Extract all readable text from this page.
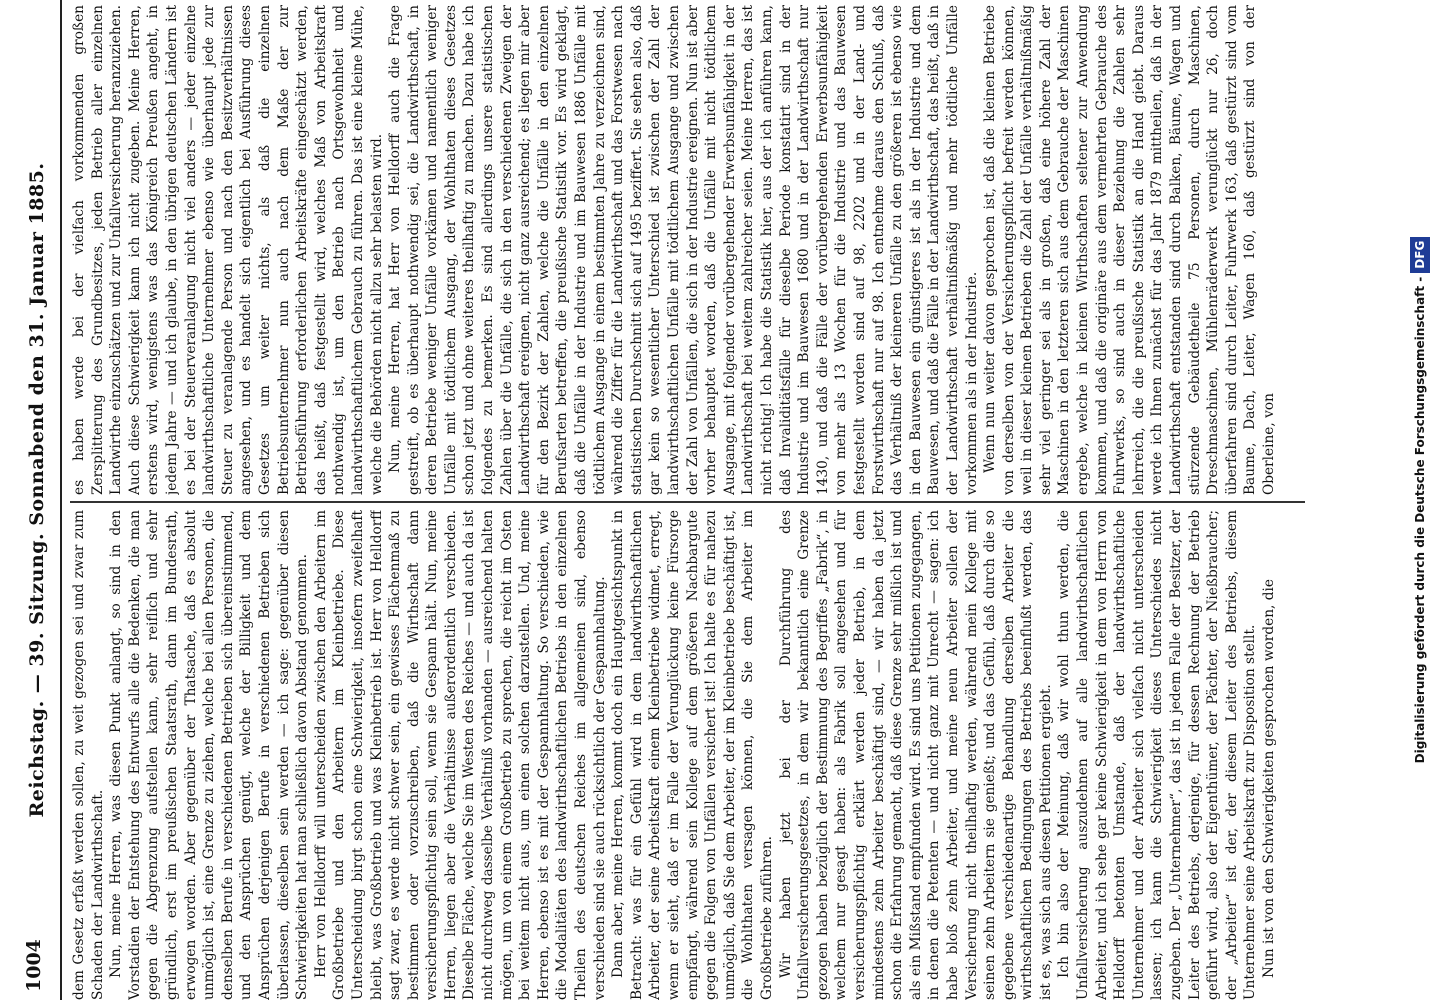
1004
Reichstag. — 39. Sitzung. Sonnabend den 31. Januar 1885.	dem Gesetz erfaßt werden sollen, zu weit gezogen sei und zwar zum Schaden der Landwirthschaft. Nun, meine Herren, was diesen Punkt anlangt, so sind in den Vorstadien der Entstehung des Entwurfs alle die Bedenken, die man gegen die Abgrenzung aufstellen kann, sehr reiflich und sehr gründlich, erst im preußischen Staatsrath, dann im Bundesrath, erwogen worden. Aber gegenüber der Thatsache, daß es absolut unmöglich ist, eine Grenze zu ziehen, welche bei allen Personen, die denselben Berufe in verschiedenen Betrieben sich übereinstimmend, und den Ansprüchen genügt, welche der Billigkeit und dem Ansprüchen derjenigen Berufe in verschiedenen Betrieben sich überlassen, dieselben sein werden — ich sage: gegenüber diesen Schwierigkeiten hat man schließlich davon Abstand genommen. Herr von Helldorff will unterscheiden zwischen den Arbeitern im Großbetriebe und den Arbeitern im Kleinbetriebe. Diese Unterscheidung birgt schon eine Schwierigkeit, insofern zweifelhaft bleibt, was Großbetrieb und was Kleinbetrieb ist. Herr von Helldorff sagt zwar, es werde nicht schwer sein, ein gewisses Flächenmaß zu bestimmen oder vorzuschreiben, daß die Wirthschaft dann versicherungspflichtig sein soll, wenn sie Gespann hält. Nun, meine Herren, liegen aber die Verhältnisse außerordentlich verschieden. Dieselbe Fläche, welche Sie im Westen des Reiches — und auch da ist nicht durchweg dasselbe Verhältniß vorhanden — ausreichend halten mögen, um von einem Großbetrieb zu sprechen, die reicht im Osten bei weitem nicht aus, um einen solchen darzustellen. Und, meine Herren, ebenso ist es mit der Gespannhaltung. So verschieden, wie die Modalitäten des landwirthschaftlichen Betriebs in den einzelnen Theilen des deutschen Reiches im allgemeinen sind, ebenso verschieden sind sie auch rücksichtlich der Gespannhaltung. Dann aber, meine Herren, kommt doch ein Hauptgesichtspunkt in Betracht: was für ein Gefühl wird in dem landwirthschaftlichen Arbeiter, der seine Arbeitskraft einem Kleinbetriebe widmet, erregt, wenn er sieht, daß er im Falle der Verunglückung keine Fürsorge empfängt, während sein Kollege auf dem größeren Nachbargute gegen die Folgen von Unfällen versichert ist! Ich halte es für nahezu unmöglich, daß Sie dem Arbeiter, der im Kleinbetriebe beschäftigt ist, die Wohlthaten versagen können, die Sie dem Arbeiter im Großbetriebe zuführen. Wir haben jetzt bei der Durchführung des Unfallversicherungsgesetzes, in dem wir bekanntlich eine Grenze gezogen haben bezüglich der Bestimmung des Begriffes „Fabrik“, in welchem nur gesagt haben: als Fabrik soll angesehen und für versicherungspflichtig erklärt werden jeder Betrieb, in dem mindestens zehn Arbeiter beschäftigt sind, — wir haben da jetzt schon die Erfahrung gemacht, daß diese Grenze sehr mißlich ist und als ein Mißstand empfunden wird. Es sind uns Petitionen zugegangen, in denen die Petenten — und nicht ganz mit Unrecht — sagen: ich habe bloß zehn Arbeiter, und meine neun Arbeiter sollen der Versicherung nicht theilhaftig werden, während mein Kollege mit seinen zehn Arbeitern sie genießt; und das Gefühl, daß durch die so gegebene verschiedenartige Behandlung derselben Arbeiter die wirthschaftlichen Bedingungen des Betriebs beeinflußt werden, das ist es, was sich aus diesen Petitionen ergiebt. Ich bin also der Meinung, daß wir wohl thun werden, die Unfallversicherung auszudehnen auf alle landwirthschaftlichen Arbeiter, und ich sehe gar keine Schwierigkeit in dem von Herrn von Helldorff betonten Umstande, daß der landwirthschaftliche Unternehmer und der Arbeiter sich vielfach nicht unterscheiden lassen; ich kann die Schwierigkeit dieses Unterschiedes nicht zugeben. Der „Unternehmer“, das ist in jedem Falle der Besitzer, der Leiter des Betriebs, derjenige, für dessen Rechnung der Betrieb geführt wird, also der Eigenthümer, der Pächter, der Nießbraucher; der „Arbeiter“ ist der, der diesem Leiter des Betriebs, diesem Unternehmer seine Arbeitskraft zur Disposition stellt. Nun ist von den Schwierigkeiten gesprochen worden, die

es haben werde bei der vielfach vorkommenden großen Zersplitterung des Grundbesitzes, jeden Betrieb aller einzelnen Landwirthe einzuschätzen und zur Unfallversicherung heranzuziehen. Auch diese Schwierigkeit kann ich nicht zugeben. Meine Herren, erstens wird, wenigstens was das Königreich Preußen angeht, in jedem Jahre — und ich glaube, in den übrigen deutschen Ländern ist es bei der Steuerveranlagung nicht viel anders — jeder einzelne landwirthschaftliche Unternehmer ebenso wie überhaupt jede zur Steuer zu veranlagende Person und nach den Besitzverhältnissen angesehen, und es handelt sich eigentlich bei Ausführung dieses Gesetzes um weiter nichts, als daß die einzelnen Betriebsunternehmer nun auch nach dem Maße der zur Betriebsführung erforderlichen Arbeitskräfte eingeschätzt werden, das heißt, daß festgestellt wird, welches Maß von Arbeitskraft nothwendig ist, um den Betrieb nach Ortsgewohnheit und landwirthschaftlichem Gebrauch zu führen. Das ist eine kleine Mühe, welche die Behörden nicht allzu sehr belasten wird. Nun, meine Herren, hat Herr von Helldorff auch die Frage gestreift, ob es überhaupt nothwendig sei, die Landwirthschaft, in deren Betriebe weniger Unfälle vorkämen und namentlich weniger Unfälle mit tödtlichem Ausgang, der Wohlthaten dieses Gesetzes schon jetzt und ohne weiteres theilhaftig zu machen. Dazu habe ich folgendes zu bemerken. Es sind allerdings unsere statistischen Zahlen über die Unfälle, die sich in den verschiedenen Zweigen der Landwirthschaft ereignen, nicht ganz ausreichend; es liegen mir aber für den Bezirk der Zahlen, welche die Unfälle in den einzelnen Berufsarten betreffen, die preußische Statistik vor. Es wird geklagt, daß die Unfälle in der Industrie und im Bauwesen 1886 Unfälle mit tödtlichem Ausgange in einem bestimmten Jahre zu verzeichnen sind, während die Ziffer für die Landwirthschaft und das Forstwesen nach statistischen Durchschnitt sich auf 1495 beziffert. Sie sehen also, daß gar kein so wesentlicher Unterschied ist zwischen der Zahl der landwirthschaftlichen Unfälle mit tödtlichem Ausgange und zwischen der Zahl von Unfällen, die sich in der Industrie ereignen. Nun ist aber vorher behauptet worden, daß die Unfälle mit nicht tödtlichem Ausgange, mit folgender vorübergehender Erwerbsunfähigkeit in der Landwirthschaft bei weitem zahlreicher seien. Meine Herren, das ist nicht richtig! Ich habe die Statistik hier, aus der ich anführen kann, daß Invaliditätsfälle für dieselbe Periode konstatirt sind in der Industrie und im Bauwesen 1680 und in der Landwirthschaft nur 1430, und daß die Fälle der vorübergehenden Erwerbsunfähigkeit von mehr als 13 Wochen für die Industrie und das Bauwesen festgestellt worden sind auf 98, 2202 und in der Land- und Forstwirthschaft nur auf 98. Ich entnehme daraus den Schluß, daß das Verhältniß der kleineren Unfälle zu den größeren ist ebenso wie in den Bauwesen ein günstigeres ist als in der Industrie und dem Bauwesen, und daß die Fälle in der Landwirthschaft, das heißt, daß in der Landwirthschaft verhältnißmäßig und mehr tödtliche Unfälle vorkommen als in der Industrie. Wenn nun weiter davon gesprochen ist, daß die kleinen Betriebe von derselben von der Versicherungspflicht befreit werden können, weil in dieser kleinen Betrieben die Zahl der Unfälle verhältnißmäßig sehr viel geringer sei als in großen, daß eine höhere Zahl der Maschinen in den letzteren sich aus dem Gebrauche der Maschinen ergebe, welche in kleinen Wirthschaften seltener zur Anwendung kommen, und daß die originäre aus dem vermehrten Gebrauche des Fuhrwerks, so sind auch in dieser Beziehung die Zahlen sehr lehrreich, die die preußische Statistik an die Hand giebt. Daraus werde ich Ihnen zunächst für das Jahr 1879 mittheilen, daß in der Landwirthschaft entstanden sind durch Balken, Bäume, Wagen und stürzende Gebäudetheile 75 Personen, durch Maschinen, Dreschmaschinen, Mühlenräderwerk verunglückt nur 26, doch überfahren sind durch Leiter, Fuhrwerk 163, daß gestürzt sind vom Baume, Dach, Leiter, Wagen 160, daß gestürzt sind von der Oberleine, von	Digitalisierung gefördert durch die Deutsche Forschungsgemeinschaft -DFG
